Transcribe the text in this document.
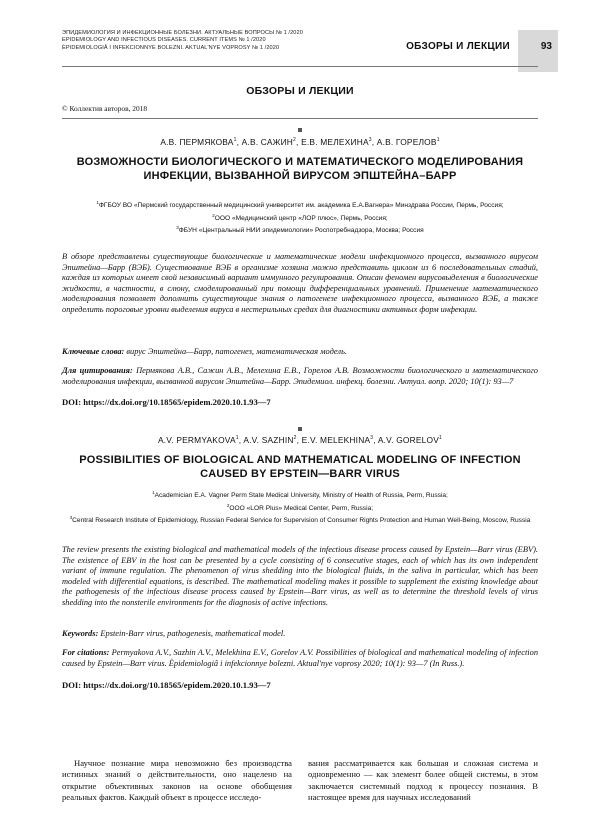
ЭПИДЕМИОЛОГИЯ И ИНФЕКЦИОННЫЕ БОЛЕЗНИ. АКТУАЛЬНЫЕ ВОПРОСЫ № 1 /2020
EPIDEMIOLOGY AND INFECTIOUS DISEASES. CURRENT ITEMS № 1 /2020
ÈPIDEMIOLOGIÂ I INFEKCIONNYE BOLEZNI. AKTUAL'NYE VOPROSY № 1 /2020	ОБЗОРЫ И ЛЕКЦИИ	93
ОБЗОРЫ И ЛЕКЦИИ
© Коллектив авторов, 2018
А.В. ПЕРМЯКОВА$^1$, А.В. САЖИН$^2$, Е.В. МЕЛЕХИНА$^3$, А.В. ГОРЕЛОВ$^1$
ВОЗМОЖНОСТИ БИОЛОГИЧЕСКОГО И МАТЕМАТИЧЕСКОГО МОДЕЛИРОВАНИЯ
ИНФЕКЦИИ, ВЫЗВАННОЙ ВИРУСОМ ЭПШТЕЙНА–БАРР

$^1$ФГБОУ ВО «Пермский государственный медицинский университет им. академика Е.А.Вагнера» Минздрава России, Пермь, Россия;

$^2$ООО «Медицинский центр «ЛОР плюс», Пермь, Россия;

$^3$ФБУН «Центральный НИИ эпидемиологии» Роспотребнадзора, Москва; Россия

В обзоре представлены существующие биологические и математические модели инфекционного процесса, вызванного вирусом Эпштейна—Барр (ВЭБ). Существование ВЭБ в организме хозяина можно представить циклом из 6 последовательных стадий, каждая из которых имеет свой независимый вариант иммунного регулирования. Описан феномен вирусовыделения в биологические жидкости, в частности, в слюну, смоделированный при помощи дифференциальных уравнений. Применение математического моделирования позволяет дополнить существующие знания о патогенезе инфекционного процесса, вызванного ВЭБ, а также определить пороговые уровни выделения вируса в нестерильных средах для диагностики активных форм инфекции.

Ключевые слова: вирус Эпштейна—Барр, патогенез, математическая модель.

Для цитирования: Пермякова А.В., Сажин А.В., Мелехина Е.В., Горелов А.В. Возможности биологического и математического моделирования инфекции, вызванной вирусом Эпштейна—Барр. Эпидемиол. инфекц. болезни. Актуал. вопр. 2020; 10(1): 93—7

DOI: https://dx.doi.org/10.18565/epidem.2020.10.1.93—7
A.V. PERMYAKOVA$^1$, A.V. SAZHIN$^2$, E.V. MELEKHINA$^3$, A.V. GORELOV$^1$
POSSIBILITIES OF BIOLOGICAL AND MATHEMATICAL MODELING OF INFECTION
CAUSED BY EPSTEIN—BARR VIRUS

$^1$Academician E.A. Vagner Perm State Medical University, Ministry of Health of Russia, Perm, Russia;

$^2$OOO «LOR Plus» Medical Center, Perm, Russia;

$^3$Central Research Institute of Epidemiology, Russian Federal Service for Supervision of Consumer Rights Protection and Human Well-Being, Moscow, Russia

The review presents the existing biological and mathematical models of the infectious disease process caused by Epstein—Barr virus (EBV). The existence of EBV in the host can be presented by a cycle consisting of 6 consecutive stages, each of which has its own independent variant of immune regulation. The phenomenon of virus shedding into the biological fluids, in the saliva in particular, which has been modeled with differential equations, is described. The mathematical modeling makes it possible to supplement the existing knowledge about the pathogenesis of the infectious disease process caused by Epstein—Barr virus, as well as to determine the threshold levels of virus shedding into the nonsterile environments for the diagnosis of active infections.

Keywords: Epstein-Barr virus, pathogenesis, mathematical model.

For citations: Permyakova A.V., Sazhin A.V., Melekhina E.V., Gorelov A.V. Possibilities of biological and mathematical modeling of infection caused by Epstein—Barr virus. Èpidemiologiâ i infekcionnye bolezni. Aktual'nye voprosy 2020; 10(1): 93—7 (In Russ.).

DOI: https://dx.doi.org/10.18565/epidem.2020.10.1.93—7

Научное познание мира невозможно без производства истинных знаний о действительности, оно нацелено на открытие объективных законов на основе обобщения реальных фактов. Каждый объект в процессе исследо-

вания рассматривается как большая и сложная система и одновременно — как элемент более общей системы, в этом заключается системный подход к процессу познания. В настоящее время для научных исследований
